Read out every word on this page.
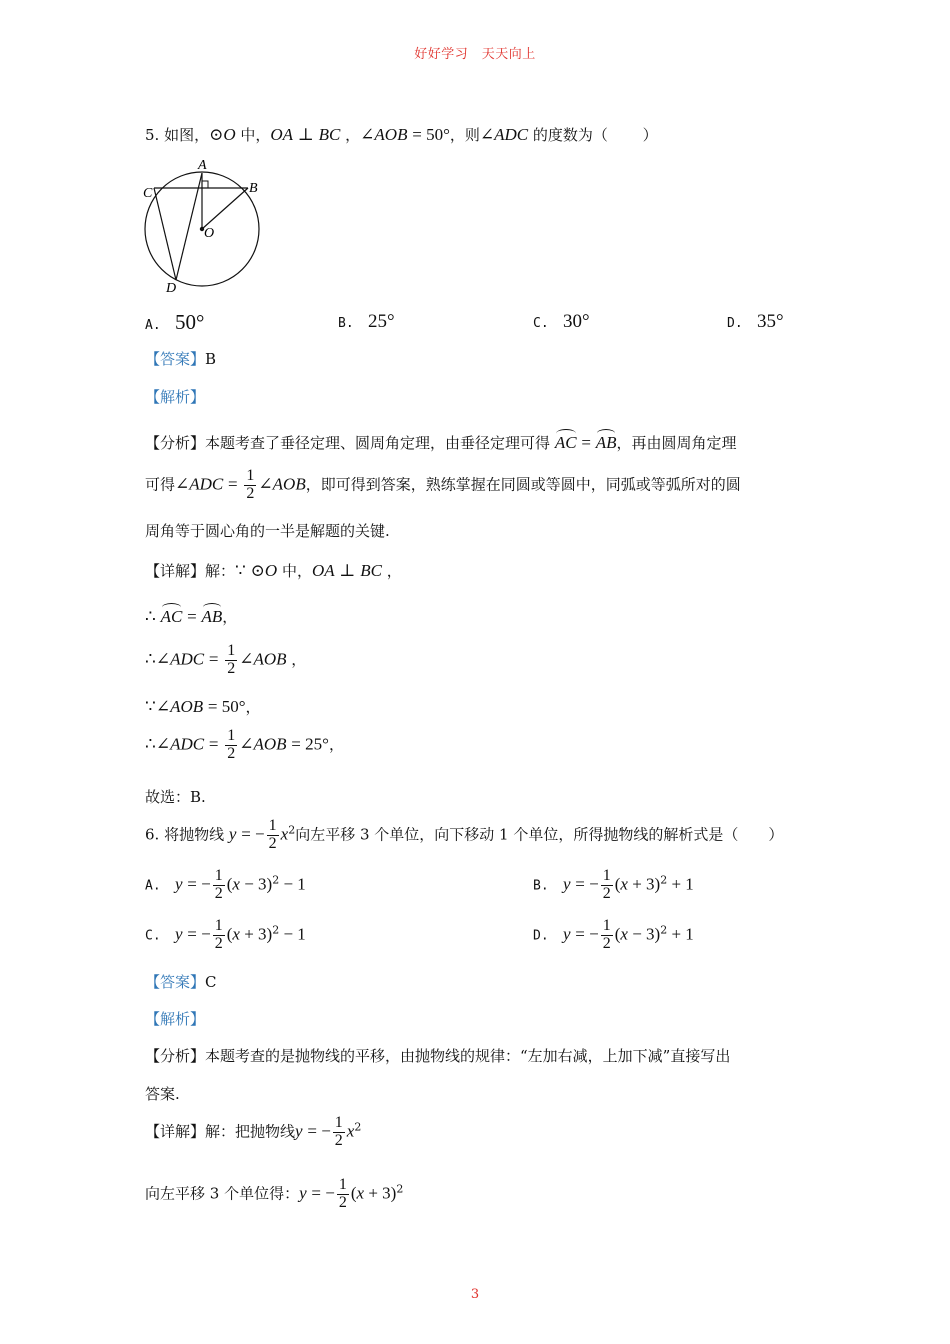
好好学习　天天向上
5. 如图，⊙O 中，OA ⊥ BC ，∠AOB = 50°，则∠ADC 的度数为（　　 ）
A
B
C
D
O
A. 50°	B. 25°	C. 30°	D. 35°
【答案】B
【解析】
【分析】本题考查了垂径定理、圆周角定理，由垂径定理可得 AC = AB，再由圆周角定理
可得∠ADC = $\frac{1}{2}$ ∠AOB，即可得到答案，熟练掌握在同圆或等圆中，同弧或等弧所对的圆
周角等于圆心角的一半是解题的关键.
【详解】解：∵ ⊙O 中，OA ⊥ BC ，
∴ AC = AB，
∴∠ADC = $\frac{1}{2}$ ∠AOB ，
∵∠AOB = 50°，
∴∠ADC = $\frac{1}{2}$ ∠AOB = 25°，
故选：B.
6. 将抛物线 y = − $\frac{1}{2} x^2$向左平移 3 个单位，向下移动 1 个单位，所得抛物线的解析式是（　　）
A. y = − $\frac{1}{2} (x - 3)^2 - 1$	B. y = − $\frac{1}{2} (x + 3)^2 + 1$
C. y = − $\frac{1}{2} (x + 3)^2 - 1$	D. y = − $\frac{1}{2} (x - 3)^2 + 1$
【答案】C
【解析】
【分析】本题考查的是抛物线的平移，由抛物线的规律：“左加右减，上加下减”直接写出
答案.
【详解】解：把抛物线y = − $\frac{1}{2} x^2$
向左平移 3 个单位得：y = − $\frac{1}{2} (x + 3)^2$
3
